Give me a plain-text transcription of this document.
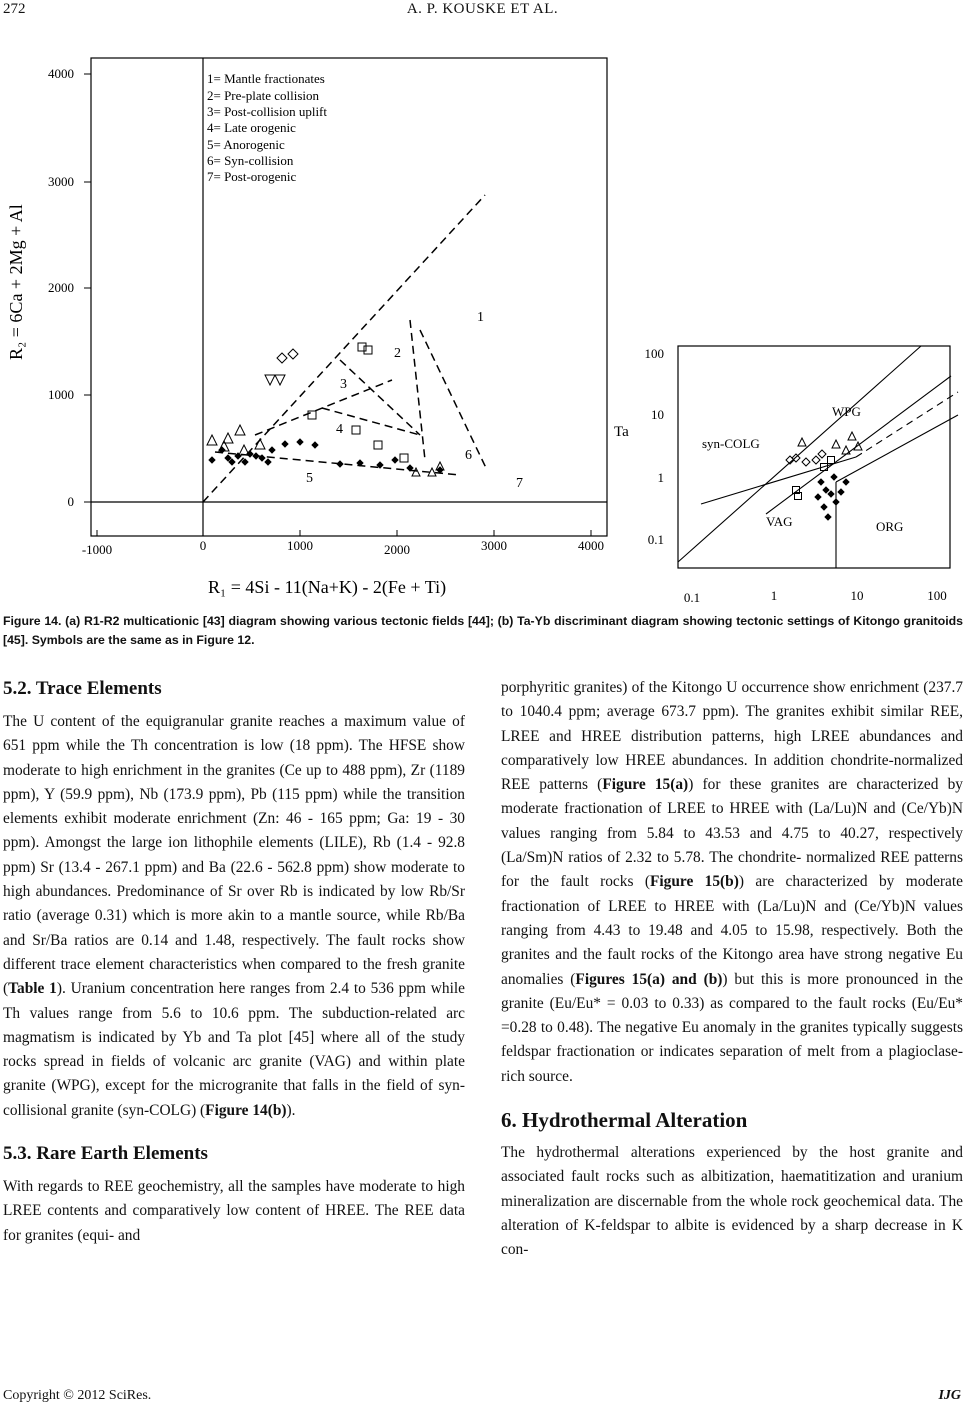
272	A. P. KOUSKE ET AL.
4000
3000
2000
1000
0
-1000	0	1000	2000	3000	4000
R₂ = 6Ca + 2Mg + Al
R₁ = 4Si - 11(Na+K) - 2(Fe + Ti)
1= Mantle fractionates
2= Pre-plate collision
3= Post-collision uplift
4= Late orogenic
5= Anorogenic
6= Syn-collision
7= Post-orogenic
1
2
3
4
5
6
7
Ta
100
10
1
0.1
0.1	1	10	100
WPG
syn-COLG
VAG	ORG
Figure 14. (a) R1-R2 multicationic [43] diagram showing various tectonic fields [44]; (b) Ta-Yb discriminant diagram showing tectonic settings of Kitongo granitoids [45]. Symbols are the same as in Figure 12.
5.2. Trace Elements

The U content of the equigranular granite reaches a maximum value of 651 ppm while the Th concentration is low (18 ppm). The HFSE show moderate to high enrichment in the granites (Ce up to 488 ppm), Zr (1189 ppm), Y (59.9 ppm), Nb (173.9 ppm), Pb (115 ppm) while the transition elements exhibit moderate enrichment (Zn: 46 - 165 ppm; Ga: 19 - 30 ppm). Amongst the large ion lithophile elements (LILE), Rb (1.4 - 92.8 ppm) Sr (13.4 - 267.1 ppm) and Ba (22.6 - 562.8 ppm) show moderate to high abundances. Predominance of Sr over Rb is indicated by low Rb/Sr ratio (average 0.31) which is more akin to a mantle source, while Rb/Ba and Sr/Ba ratios are 0.14 and 1.48, respectively. The fault rocks show different trace element characteristics when compared to the fresh granite (Table 1). Uranium concentration here ranges from 2.4 to 536 ppm while Th values range from 5.6 to 10.6 ppm. The subduction-related arc magmatism is indicated by Yb and Ta plot [45] where all of the study rocks spread in fields of volcanic arc granite (VAG) and within plate granite (WPG), except for the microgranite that falls in the field of syn-collisional granite (syn-COLG) (Figure 14(b)).

5.3. Rare Earth Elements

With regards to REE geochemistry, all the samples have moderate to high LREE contents and comparatively low content of HREE. The REE data for granites (equi- and

porphyritic granites) of the Kitongo U occurrence show enrichment (237.7 to 1040.4 ppm; average 673.7 ppm). The granites exhibit similar REE, LREE and HREE distribution patterns, high LREE abundances and comparatively low HREE abundances. In addition chondrite-normalized REE patterns (Figure 15(a)) for these granites are characterized by moderate fractionation of LREE to HREE with (La/Lu)N and (Ce/Yb)N values ranging from 5.84 to 43.53 and 4.75 to 40.27, respectively (La/Sm)N ratios of 2.32 to 5.78. The chondrite- normalized REE patterns for the fault rocks (Figure 15(b)) are characterized by moderate fractionation of LREE to HREE with (La/Lu)N and (Ce/Yb)N values ranging from 4.43 to 19.48 and 4.05 to 15.98, respectively. Both the granites and the fault rocks of the Kitongo area have strong negative Eu anomalies (Figures 15(a) and (b)) but this is more pronounced in the granite (Eu/Eu* = 0.03 to 0.33) as compared to the fault rocks (Eu/Eu* =0.28 to 0.48). The negative Eu anomaly in the granites typically suggests feldspar fractionation or indicates separation of melt from a plagioclase-rich source.

6. Hydrothermal Alteration

The hydrothermal alterations experienced by the host granite and associated fault rocks such as albitization, haematitization and uranium mineralization are discernable from the whole rock geochemical data. The alteration of K-feldspar to albite is evidenced by a sharp decrease in K con-

Copyright © 2012 SciRes.	IJG
